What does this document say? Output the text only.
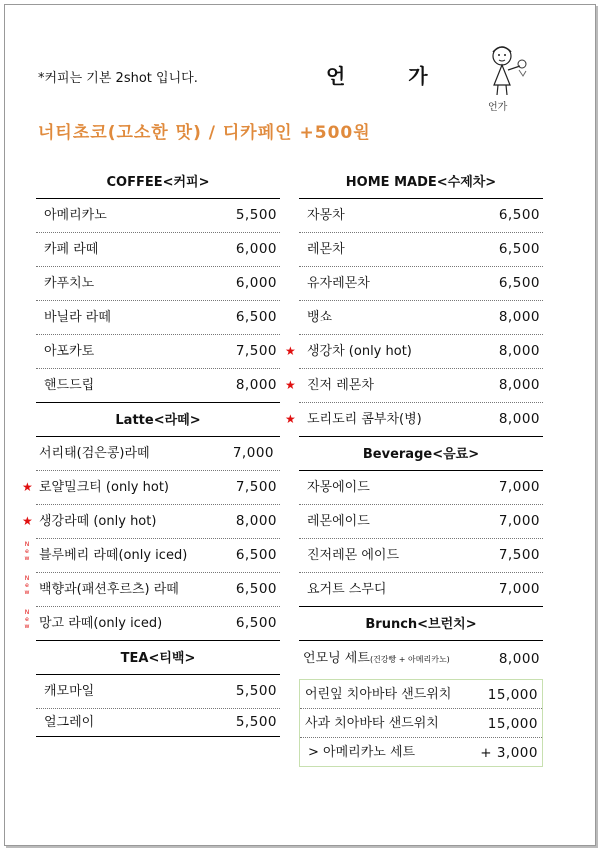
*커피는 기본 2shot 입니다.	언 가
언가
너티초코(고소한 맛) / 디카페인 +500원
COFFEE<커피>
아메리카노	5,500
카페 라떼	6,000
카푸치노	6,000
바닐라 라떼	6,500
아포카토	7,500
핸드드립	8,000
Latte<라떼>
서리태(검은콩)라떼	7,000
★ 로얄밀크티 (only hot)	7,500
★ 생강라떼 (only hot)	8,000
New 블루베리 라떼(only iced)	6,500
New 백향과(패션후르츠) 라떼	6,500
New 망고 라떼(only iced)	6,500
TEA<티백>
캐모마일	5,500
얼그레이	5,500
HOME MADE<수제차>
자몽차	6,500
레몬차	6,500
유자레몬차	6,500
뱅쇼	8,000
★ 생강차 (only hot)	8,000
★ 진저 레몬차	8,000
★ 도리도리 콤부차(병)	8,000
Beverage<음료>
자몽에이드	7,000
레몬에이드	7,000
진저레몬 에이드	7,500
요거트 스무디	7,000
Brunch<브런치>
언모닝 세트(건강빵 + 아메리카노)	8,000
어린잎 치아바타 샌드위치	15,000
사과 치아바타 샌드위치	15,000
> 아메리카노 세트	+ 3,000
